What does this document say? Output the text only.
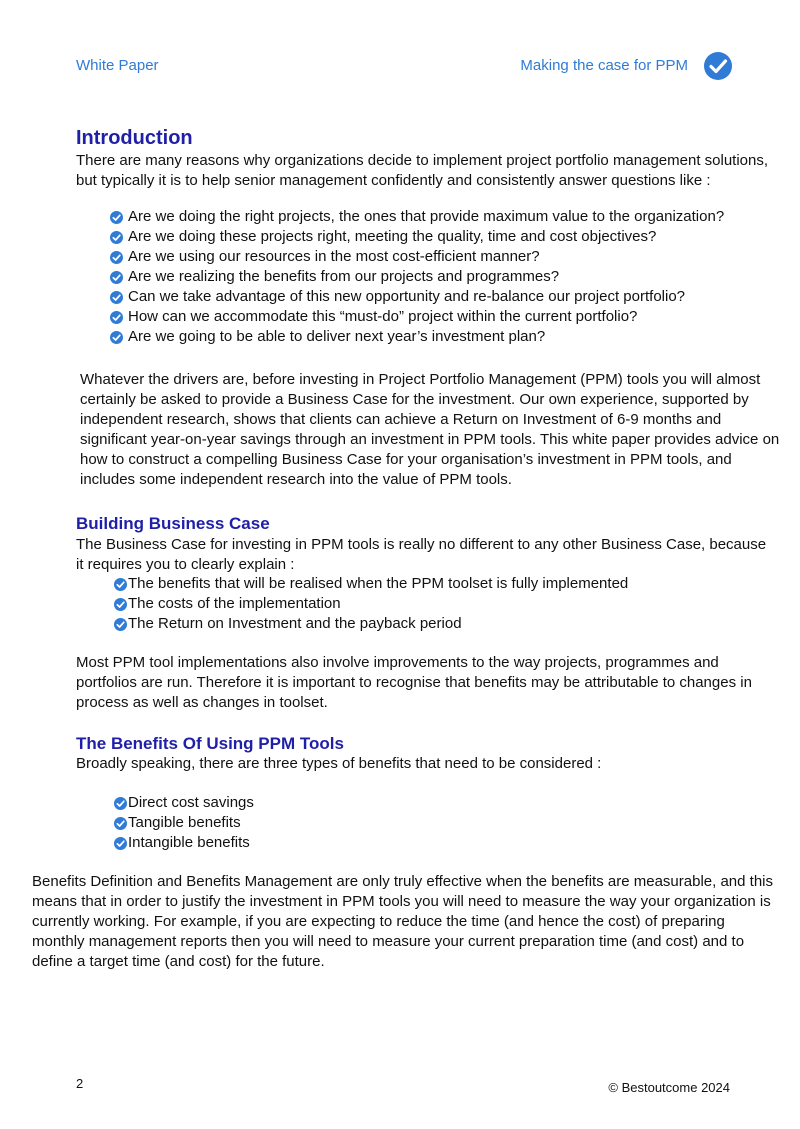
White Paper	Making the case for PPM
Introduction
There are many reasons why organizations decide to implement project portfolio management solutions, but typically it is to help senior management confidently and consistently answer questions like :
Are we doing the right projects, the ones that provide maximum value to the organization?
Are we doing these projects right, meeting the quality, time and cost objectives?
Are we using our resources in the most cost-efficient manner?
Are we realizing the benefits from our projects and programmes?
Can we take advantage of this new opportunity and re-balance our project portfolio?
How can we accommodate this “must-do” project within the current portfolio?
Are we going to be able to deliver next year’s investment plan?
Whatever the drivers are, before investing in Project Portfolio Management (PPM) tools you will almost certainly be asked to provide a Business Case for the investment. Our own experience, supported by independent research, shows that clients can achieve a Return on Investment of 6-9 months and significant year-on-year savings through an investment in PPM tools. This white paper provides advice on how to construct a compelling Business Case for your organisation’s investment in PPM tools, and includes some independent research into the value of PPM tools.
Building Business Case
The Business Case for investing in PPM tools is really no different to any other Business Case, because it requires you to clearly explain :
The benefits that will be realised when the PPM toolset is fully implemented
The costs of the implementation
The Return on Investment and the payback period
Most PPM tool implementations also involve improvements to the way projects, programmes and portfolios are run. Therefore it is important to recognise that benefits may be attributable to changes in process as well as changes in toolset.
The Benefits Of Using PPM Tools
Broadly speaking, there are three types of benefits that need to be considered :
Direct cost savings
Tangible benefits
Intangible benefits
Benefits Definition and Benefits Management are only truly effective when the benefits are measurable, and this means that in order to justify the investment in PPM tools you will need to measure the way your organization is currently working. For example, if you are expecting to reduce the time (and hence the cost) of preparing monthly management reports then you will need to measure your current preparation time (and cost) and to define a target time (and cost) for the future.
2	© Bestoutcome 2024
